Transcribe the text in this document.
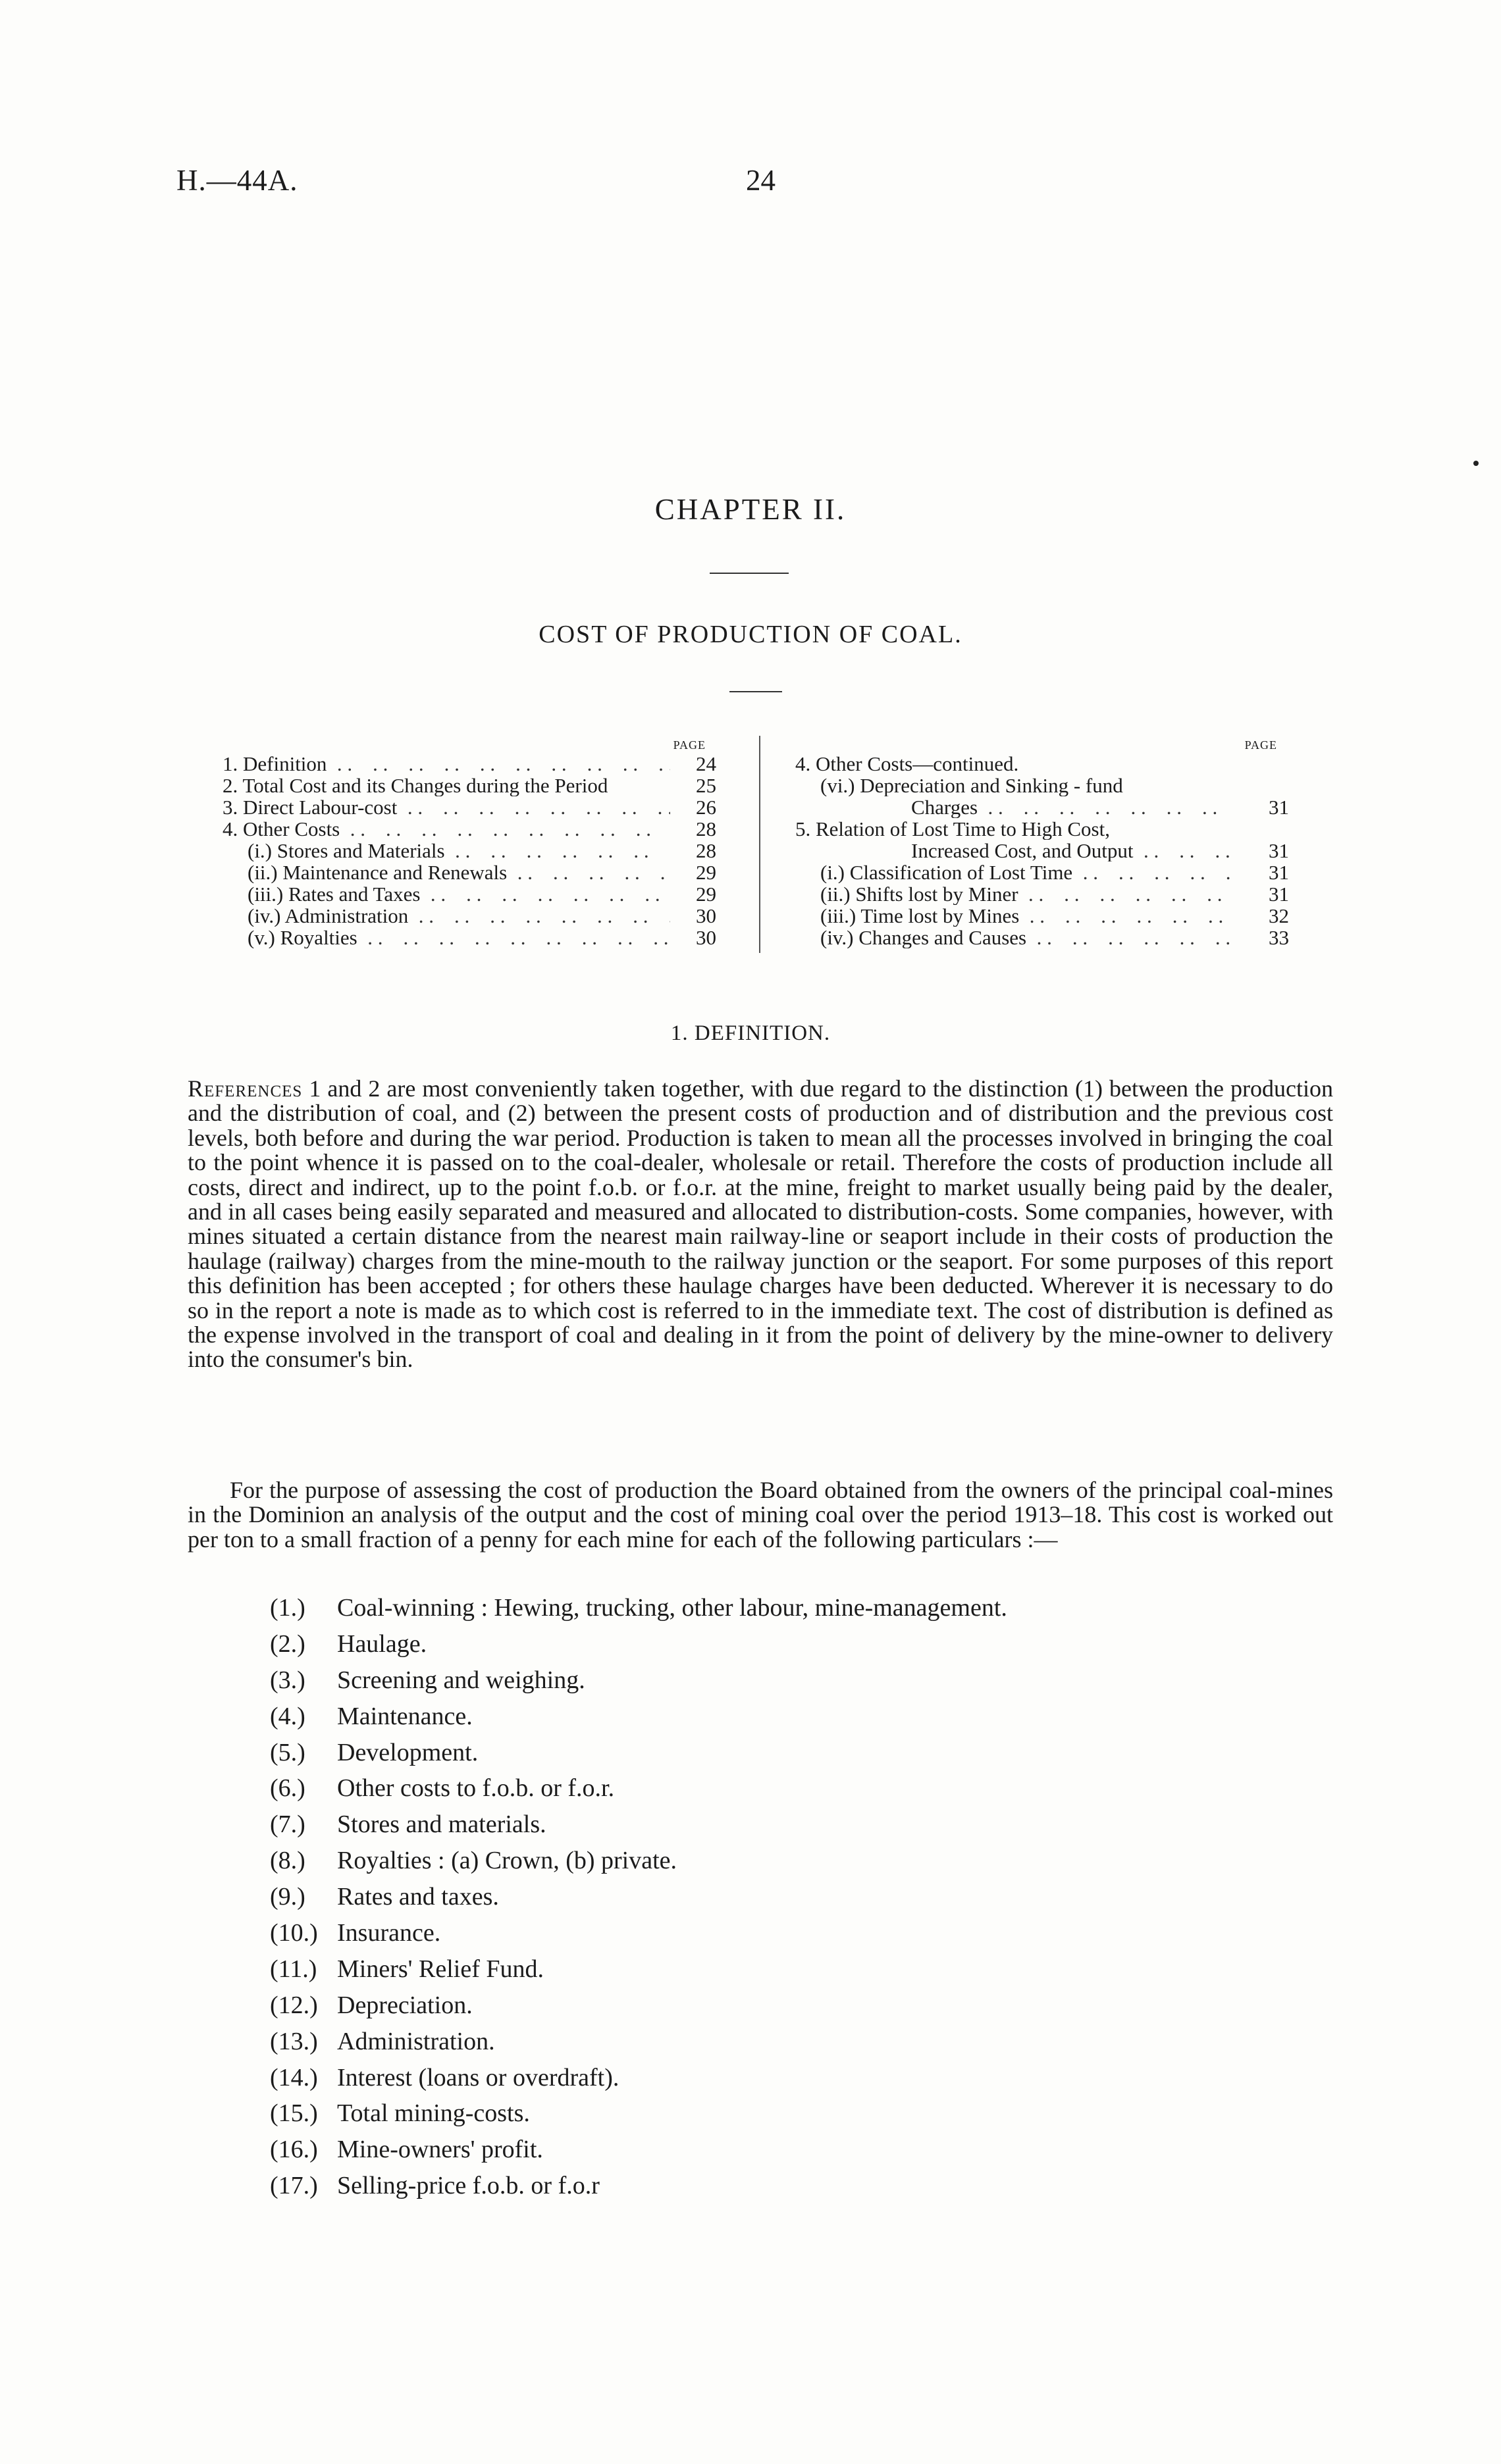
H.—44A.	24
CHAPTER II.
COST OF PRODUCTION OF COAL.
PAGE
1. Definition . .	24
2. Total Cost and its Changes during the Period	25
3. Direct Labour-cost . .	26
4. Other Costs . .	28
(i.) Stores and Materials . .	28
(ii.) Maintenance and Renewals . .	29
(iii.) Rates and Taxes . .	29
(iv.) Administration . .	30
(v.) Royalties . .	30
PAGE
4. Other Costs—continued.
(vi.) Depreciation and Sinking - fund
Charges . .	31
5. Relation of Lost Time to High Cost,
Increased Cost, and Output . .	31
(i.) Classification of Lost Time . .	31
(ii.) Shifts lost by Miner . .	31
(iii.) Time lost by Mines . .	32
(iv.) Changes and Causes . .	33
1. DEFINITION.
References 1 and 2 are most conveniently taken together, with due regard to the distinction (1) between the production and the distribution of coal, and (2) between the present costs of production and of distribution and the previous cost levels, both before and during the war period. Production is taken to mean all the processes involved in bringing the coal to the point whence it is passed on to the coal-dealer, wholesale or retail. Therefore the costs of production include all costs, direct and indirect, up to the point f.o.b. or f.o.r. at the mine, freight to market usually being paid by the dealer, and in all cases being easily separated and measured and allocated to distribution-costs. Some companies, however, with mines situated a certain distance from the nearest main railway-line or seaport include in their costs of production the haulage (railway) charges from the mine-mouth to the railway junction or the seaport. For some purposes of this report this definition has been accepted ; for others these haulage charges have been deducted. Wherever it is necessary to do so in the report a note is made as to which cost is referred to in the immediate text. The cost of distribution is defined as the expense involved in the transport of coal and dealing in it from the point of delivery by the mine-owner to delivery into the consumer's bin.
For the purpose of assessing the cost of production the Board obtained from the owners of the principal coal-mines in the Dominion an analysis of the output and the cost of mining coal over the period 1913–18. This cost is worked out per ton to a small fraction of a penny for each mine for each of the following particulars :—
(1.)	Coal-winning : Hewing, trucking, other labour, mine-management.
(2.)	Haulage.
(3.)	Screening and weighing.
(4.)	Maintenance.
(5.)	Development.
(6.)	Other costs to f.o.b. or f.o.r.
(7.)	Stores and materials.
(8.)	Royalties : (a) Crown, (b) private.
(9.)	Rates and taxes.
(10.) Insurance.
(11.) Miners' Relief Fund.
(12.) Depreciation.
(13.) Administration.
(14.) Interest (loans or overdraft).
(15.) Total mining-costs.
(16.) Mine-owners' profit.
(17.) Selling-price f.o.b. or f.o.r
